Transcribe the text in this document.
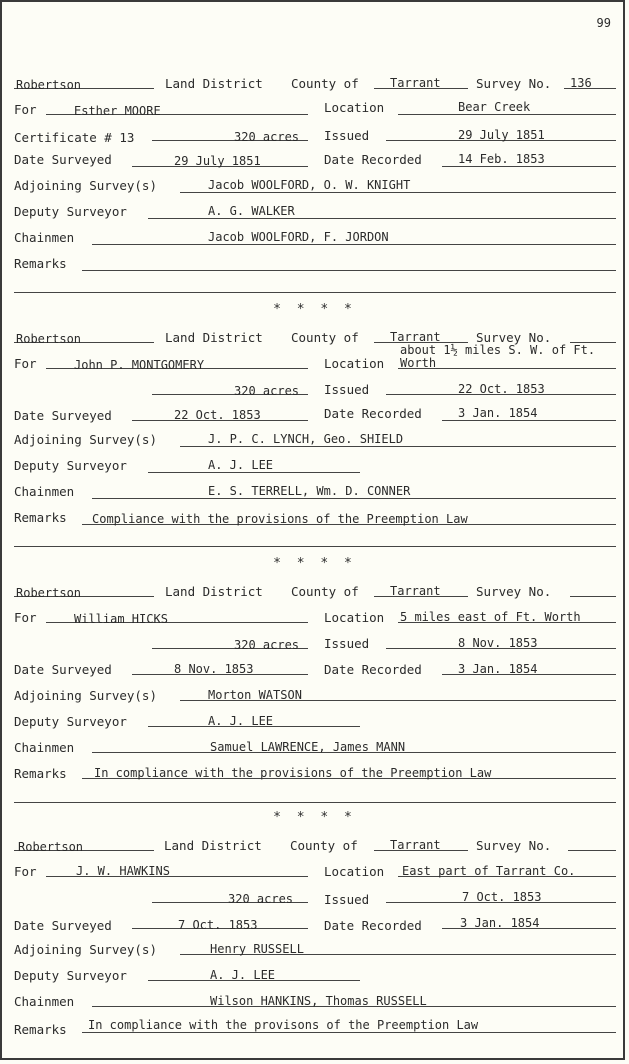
99
Robertson	Land District County of	Tarrant	Survey No. 136
For	Esther MOORE	Location	Bear Creek
Certificate # 13	320 acres Issued	29 July 1851
Date Surveyed	29 July 1851	Date Recorded	14 Feb. 1853
Adjoining Survey(s)	Jacob WOOLFORD, O. W. KNIGHT
Deputy Surveyor	A. G. WALKER
Chainmen	Jacob WOOLFORD, F. JORDON
Remarks
* * * *
Robertson	Land District County of	Tarrant	Survey No.
For	John P. MONTGOMERY	Location
about 1½ miles S. W. of Ft. Worth
320 acres Issued	22 Oct. 1853
Date Surveyed	22 Oct. 1853	Date Recorded	3 Jan. 1854
Adjoining Survey(s)	J. P. C. LYNCH, Geo. SHIELD
Deputy Surveyor	A. J. LEE
Chainmen	E. S. TERRELL, Wm. D. CONNER
Remarks Compliance with the provisions of the Preemption Law
* * * *
Robertson	Land District County of	Tarrant	Survey No.
For	William HICKS	Location 5 miles east of Ft. Worth
320 acres Issued	8 Nov. 1853
Date Surveyed	8 Nov. 1853	Date Recorded	3 Jan. 1854
Adjoining Survey(s)	Morton WATSON
Deputy Surveyor	A. J. LEE
Chainmen	Samuel LAWRENCE, James MANN
Remarks In compliance with the provisions of the Preemption Law
* * * *
Robertson	Land District County of	Tarrant	Survey No.
For	J. W. HAWKINS	Location East part of Tarrant Co.
320 acres Issued	7 Oct. 1853
Date Surveyed	7 Oct. 1853	Date Recorded	3 Jan. 1854
Adjoining Survey(s)	Henry RUSSELL
Deputy Surveyor	A. J. LEE
Chainmen	Wilson HANKINS, Thomas RUSSELL
Remarks In compliance with the provisons of the Preemption Law
